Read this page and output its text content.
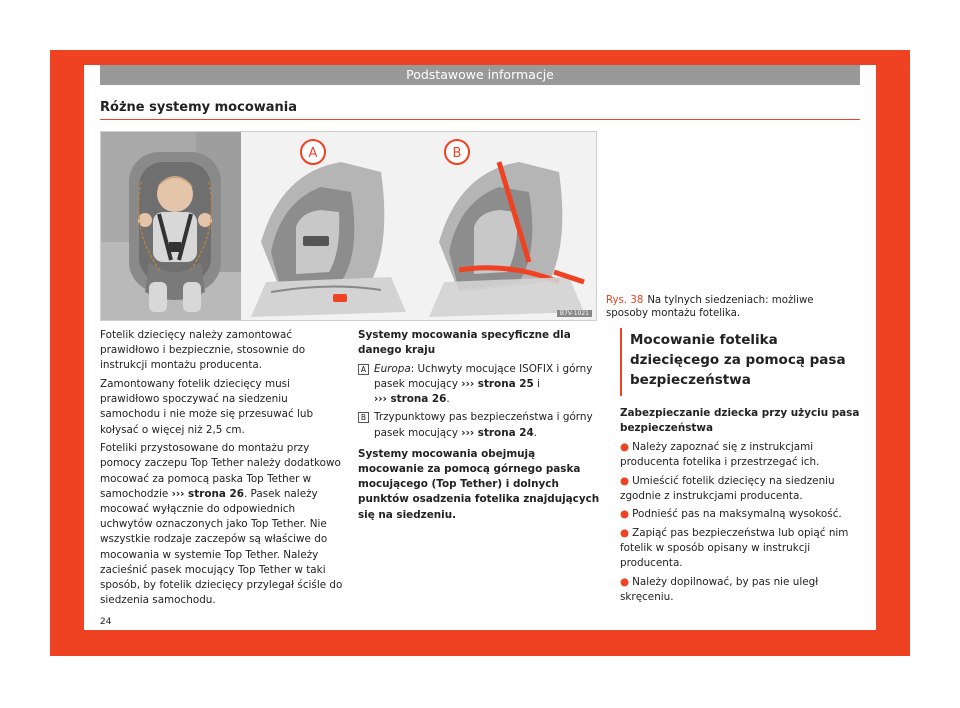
Podstawowe informacje
Różne systemy mocowania
A	B
B7V-1021
Rys. 38 Na tylnych siedzeniach: możliwe sposoby montażu fotelika.

Fotelik dziecięcy należy zamontować prawidłowo i bezpiecznie, stosownie do instrukcji montażu producenta.

Zamontowany fotelik dziecięcy musi prawidłowo spoczywać na siedzeniu samochodu i nie może się przesuwać lub kołysać o więcej niż 2,5 cm.

Foteliki przystosowane do montażu przy pomocy zaczepu Top Tether należy dodatkowo mocować za pomocą paska Top Tether w samochodzie ››› strona 26. Pasek należy mocować wyłącznie do odpowiednich uchwytów oznaczonych jako Top Tether. Nie wszystkie rodzaje zaczepów są właściwe do mocowania w systemie Top Tether. Należy zacieśnić pasek mocujący Top Tether w taki sposób, by fotelik dziecięcy przylegał ściśle do siedzenia samochodu.

Systemy mocowania specyficzne dla danego kraju

A Europa: Uchwyty mocujące ISOFIX i górny pasek mocujący ››› strona 25 i
››› strona 26.
B Trzypunktowy pas bezpieczeństwa i górny pasek mocujący ››› strona 24.

Systemy mocowania obejmują mocowanie za pomocą górnego paska mocującego (Top Tether) i dolnych punktów osadzenia fotelika znajdujących się na siedzeniu.

Mocowanie fotelika dziecięcego za pomocą pasa bezpieczeństwa

Zabezpieczanie dziecka przy użyciu pasa bezpieczeństwa

● Należy zapoznać się z instrukcjami producenta fotelika i przestrzegać ich.

● Umieścić fotelik dziecięcy na siedzeniu zgodnie z instrukcjami producenta.

● Podnieść pas na maksymalną wysokość.

● Zapiąć pas bezpieczeństwa lub opiąć nim fotelik w sposób opisany w instrukcji producenta.

● Należy dopilnować, by pas nie uległ skręceniu.

24
